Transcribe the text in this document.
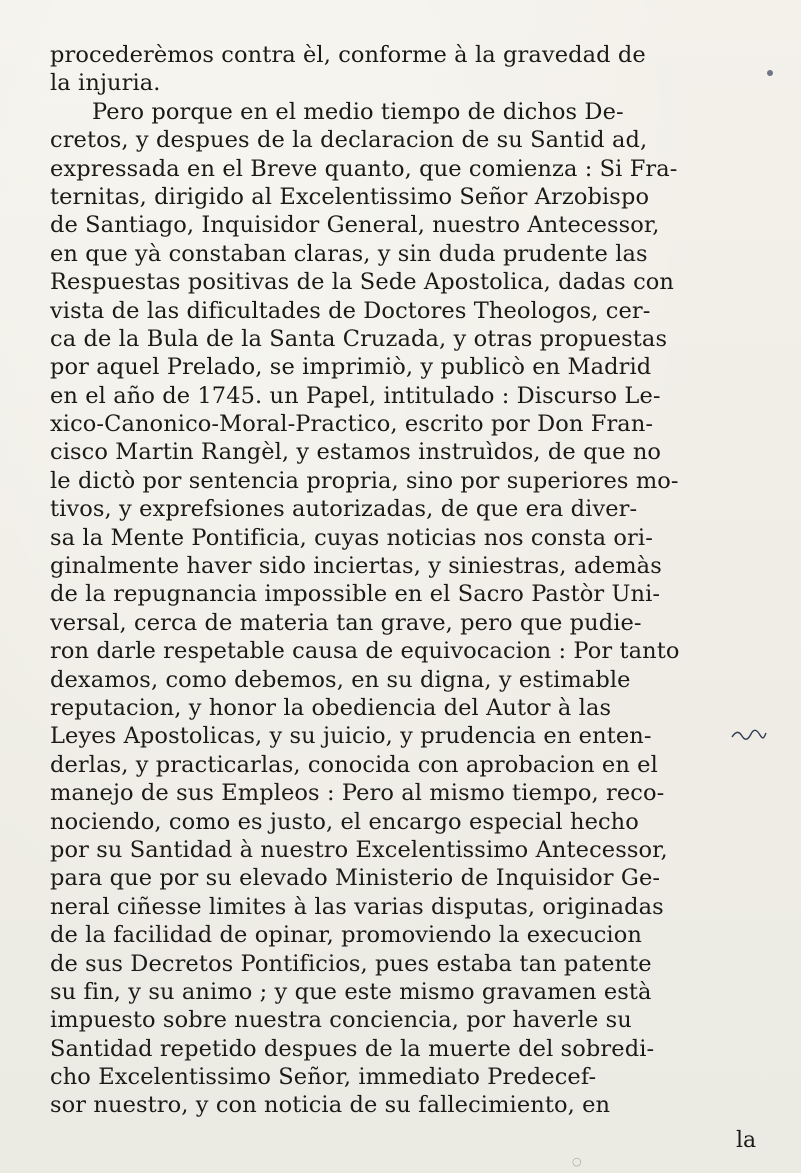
procederèmos contra èl, conforme à la gravedad de
la injuria.
Pero porque en el medio tiempo de dichos De-
cretos, y despues de la declaracion de su Santid ad,
expressada en el Breve quanto, que comienza : Si Fra-
ternitas, dirigido al Excelentissimo Señor Arzobispo
de Santiago, Inquisidor General, nuestro Antecessor,
en que yà constaban claras, y sin duda prudente las
Respuestas positivas de la Sede Apostolica, dadas con
vista de las dificultades de Doctores Theologos, cer-
ca de la Bula de la Santa Cruzada, y otras propuestas
por aquel Prelado, se imprimiò, y publicò en Madrid
en el año de 1745. un Papel, intitulado : Discurso Le-
xico-Canonico-Moral-Practico, escrito por Don Fran-
cisco Martin Rangèl, y estamos instruìdos, de que no
le dictò por sentencia propria, sino por superiores mo-
tivos, y exprefsiones autorizadas, de que era diver-
sa la Mente Pontificia, cuyas noticias nos consta ori-
ginalmente haver sido inciertas, y siniestras, ademàs
de la repugnancia impossible en el Sacro Pastòr Uni-
versal, cerca de materia tan grave, pero que pudie-
ron darle respetable causa de equivocacion : Por tanto
dexamos, como debemos, en su digna, y estimable
reputacion, y honor la obediencia del Autor à las
Leyes Apostolicas, y su juicio, y prudencia en enten-
derlas, y practicarlas, conocida con aprobacion en el
manejo de sus Empleos : Pero al mismo tiempo, reco-
nociendo, como es justo, el encargo especial hecho
por su Santidad à nuestro Excelentissimo Antecessor,
para que por su elevado Ministerio de Inquisidor Ge-
neral ciñesse limites à las varias disputas, originadas
de la facilidad de opinar, promoviendo la execucion
de sus Decretos Pontificios, pues estaba tan patente
su fin, y su animo ; y que este mismo gravamen està
impuesto sobre nuestra conciencia, por haverle su
Santidad repetido despues de la muerte del sobredi-
cho Excelentissimo Señor, immediato Predecef-
sor nuestro, y con noticia de su fallecimiento, en
la
○
